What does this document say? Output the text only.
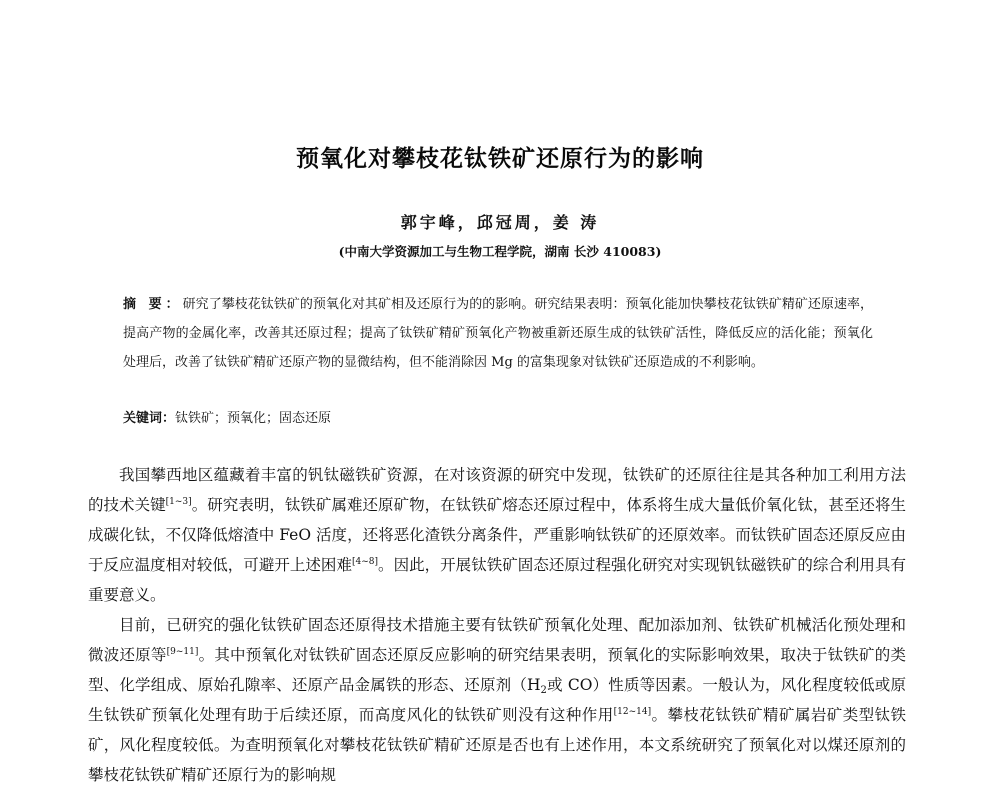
预氧化对攀枝花钛铁矿还原行为的影响
郭宇峰，邱冠周，姜 涛
(中南大学资源加工与生物工程学院，湖南 长沙 410083)
摘 要：研究了攀枝花钛铁矿的预氧化对其矿相及还原行为的的影响。研究结果表明：预氧化能加快攀枝花钛铁矿精矿还原速率，提高产物的金属化率，改善其还原过程；提高了钛铁矿精矿预氧化产物被重新还原生成的钛铁矿活性，降低反应的活化能；预氧化处理后，改善了钛铁矿精矿还原产物的显微结构，但不能消除因 Mg 的富集现象对钛铁矿还原造成的不利影响。
关键词：钛铁矿；预氧化；固态还原

我国攀西地区蕴藏着丰富的钒钛磁铁矿资源，在对该资源的研究中发现，钛铁矿的还原往往是其各种加工利用方法的技术关键[1~3]。研究表明，钛铁矿属难还原矿物，在钛铁矿熔态还原过程中，体系将生成大量低价氧化钛，甚至还将生成碳化钛，不仅降低熔渣中 FeO 活度，还将恶化渣铁分离条件，严重影响钛铁矿的还原效率。而钛铁矿固态还原反应由于反应温度相对较低，可避开上述困难[4~8]。因此，开展钛铁矿固态还原过程强化研究对实现钒钛磁铁矿的综合利用具有重要意义。

目前，已研究的强化钛铁矿固态还原得技术措施主要有钛铁矿预氧化处理、配加添加剂、钛铁矿机械活化预处理和微波还原等[9~11]。其中预氧化对钛铁矿固态还原反应影响的研究结果表明，预氧化的实际影响效果，取决于钛铁矿的类型、化学组成、原始孔隙率、还原产品金属铁的形态、还原剂（$H_2$或 CO）性质等因素。一般认为，风化程度较低或原生钛铁矿预氧化处理有助于后续还原，而高度风化的钛铁矿则没有这种作用[12~14]。攀枝花钛铁矿精矿属岩矿类型钛铁矿，风化程度较低。为查明预氧化对攀枝花钛铁矿精矿还原是否也有上述作用，本文系统研究了预氧化对以煤还原剂的攀枝花钛铁矿精矿还原行为的影响规
